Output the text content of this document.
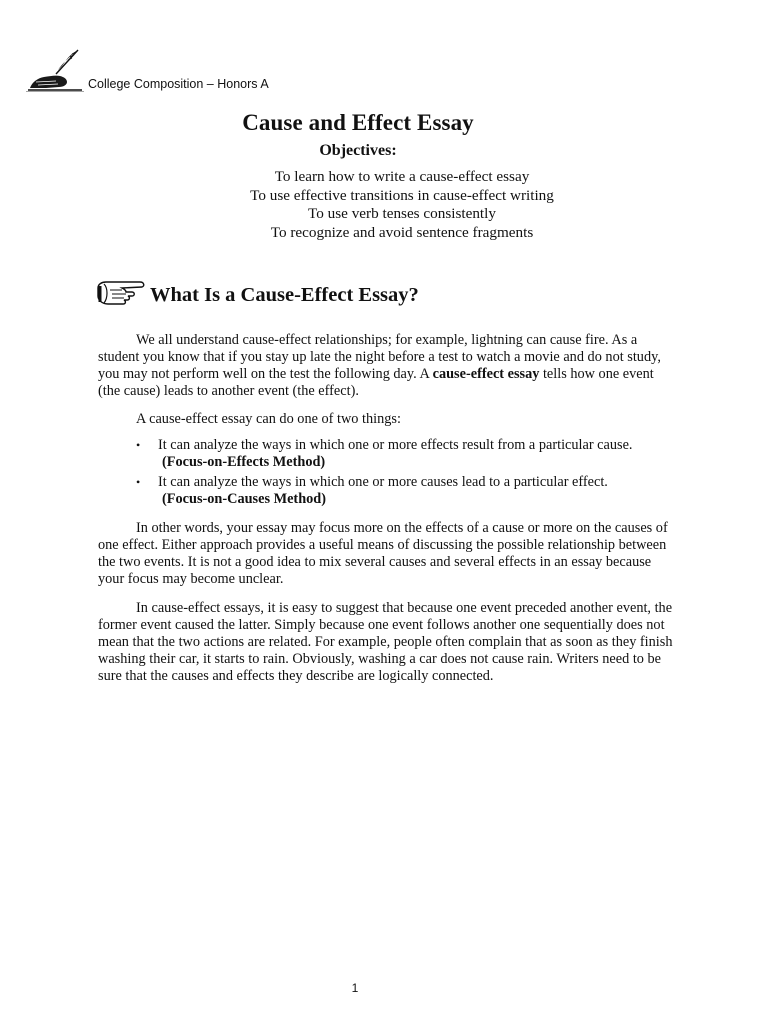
College Composition – Honors A
Cause and Effect Essay
Objectives:
To learn how to write a cause-effect essay
To use effective transitions in cause-effect writing
To use verb tenses consistently
To recognize and avoid sentence fragments
What Is a Cause-Effect Essay?

We all understand cause-effect relationships; for example, lightning can cause fire. As a student you know that if you stay up late the night before a test to watch a movie and do not study, you may not perform well on the test the following day. A cause-effect essay tells how one event (the cause) leads to another event (the effect).

A cause-effect essay can do one of two things:

• It can analyze the ways in which one or more effects result from a particular cause.
(Focus-on-Effects Method)
• It can analyze the ways in which one or more causes lead to a particular effect.
(Focus-on-Causes Method)

In other words, your essay may focus more on the effects of a cause or more on the causes of one effect. Either approach provides a useful means of discussing the possible relationship between the two events. It is not a good idea to mix several causes and several effects in an essay because your focus may become unclear.

In cause-effect essays, it is easy to suggest that because one event preceded another event, the former event caused the latter. Simply because one event follows another one sequentially does not mean that the two actions are related. For example, people often complain that as soon as they finish washing their car, it starts to rain. Obviously, washing a car does not cause rain. Writers need to be sure that the causes and effects they describe are logically connected.

1
